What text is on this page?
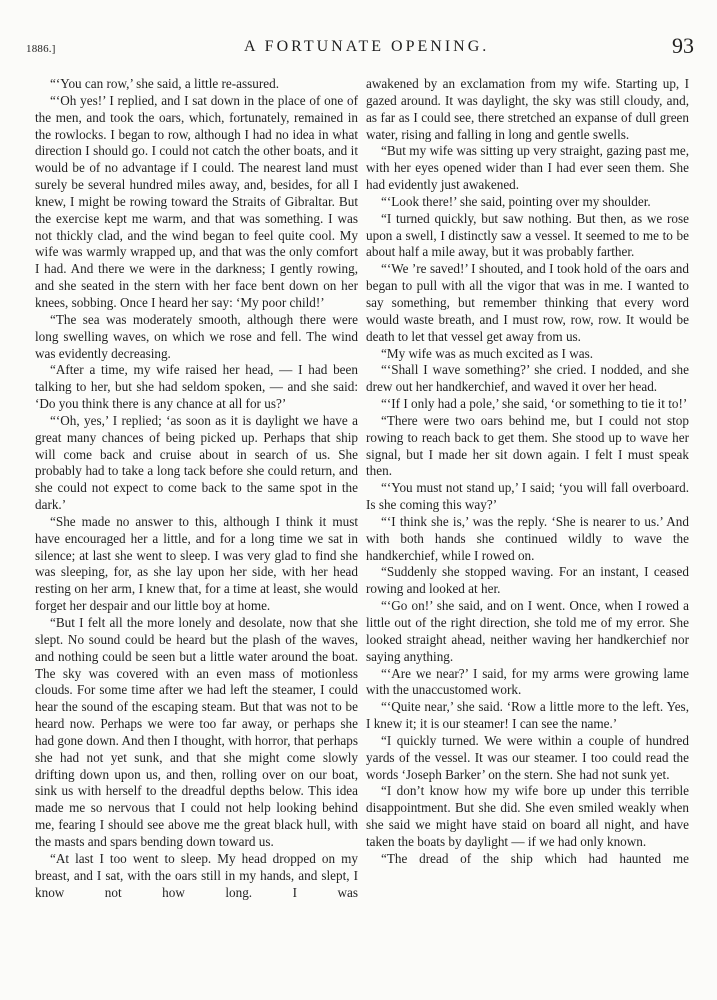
1886.]	A FORTUNATE OPENING.	93

“‘You can row,’ she said, a little re-assured.

“‘Oh yes!’ I replied, and I sat down in the place of one of the men, and took the oars, which, fortunately, remained in the rowlocks. I began to row, although I had no idea in what direction I should go. I could not catch the other boats, and it would be of no advantage if I could. The nearest land must surely be several hundred miles away, and, besides, for all I knew, I might be rowing toward the Straits of Gibraltar. But the exercise kept me warm, and that was something. I was not thickly clad, and the wind began to feel quite cool. My wife was warmly wrapped up, and that was the only comfort I had. And there we were in the darkness; I gently rowing, and she seated in the stern with her face bent down on her knees, sobbing. Once I heard her say: ‘My poor child!’

“The sea was moderately smooth, although there were long swelling waves, on which we rose and fell. The wind was evidently decreasing.

“After a time, my wife raised her head, — I had been talking to her, but she had seldom spoken, — and she said: ‘Do you think there is any chance at all for us?’

“‘Oh, yes,’ I replied; ‘as soon as it is daylight we have a great many chances of being picked up. Perhaps that ship will come back and cruise about in search of us. She probably had to take a long tack before she could return, and she could not expect to come back to the same spot in the dark.’

“She made no answer to this, although I think it must have encouraged her a little, and for a long time we sat in silence; at last she went to sleep. I was very glad to find she was sleeping, for, as she lay upon her side, with her head resting on her arm, I knew that, for a time at least, she would forget her despair and our little boy at home.

“But I felt all the more lonely and desolate, now that she slept. No sound could be heard but the plash of the waves, and nothing could be seen but a little water around the boat. The sky was covered with an even mass of motionless clouds. For some time after we had left the steamer, I could hear the sound of the escaping steam. But that was not to be heard now. Perhaps we were too far away, or perhaps she had gone down. And then I thought, with horror, that perhaps she had not yet sunk, and that she might come slowly drifting down upon us, and then, rolling over on our boat, sink us with herself to the dreadful depths below. This idea made me so nervous that I could not help looking behind me, fearing I should see above me the great black hull, with the masts and spars bending down toward us.

“At last I too went to sleep. My head dropped on my breast, and I sat, with the oars still in my hands, and slept, I know not how long. I was

awakened by an exclamation from my wife. Starting up, I gazed around. It was daylight, the sky was still cloudy, and, as far as I could see, there stretched an expanse of dull green water, rising and falling in long and gentle swells.

“But my wife was sitting up very straight, gazing past me, with her eyes opened wider than I had ever seen them. She had evidently just awakened.

“‘Look there!’ she said, pointing over my shoulder.

“I turned quickly, but saw nothing. But then, as we rose upon a swell, I distinctly saw a vessel. It seemed to me to be about half a mile away, but it was probably farther.

“‘We ’re saved!’ I shouted, and I took hold of the oars and began to pull with all the vigor that was in me. I wanted to say something, but remember thinking that every word would waste breath, and I must row, row, row. It would be death to let that vessel get away from us.

“My wife was as much excited as I was.

“‘Shall I wave something?’ she cried. I nodded, and she drew out her handkerchief, and waved it over her head.

“‘If I only had a pole,’ she said, ‘or something to tie it to!’

“There were two oars behind me, but I could not stop rowing to reach back to get them. She stood up to wave her signal, but I made her sit down again. I felt I must speak then.

“‘You must not stand up,’ I said; ‘you will fall overboard. Is she coming this way?’

“‘I think she is,’ was the reply. ‘She is nearer to us.’ And with both hands she continued wildly to wave the handkerchief, while I rowed on.

“Suddenly she stopped waving. For an instant, I ceased rowing and looked at her.

“‘Go on!’ she said, and on I went. Once, when I rowed a little out of the right direction, she told me of my error. She looked straight ahead, neither waving her handkerchief nor saying anything.

“‘Are we near?’ I said, for my arms were growing lame with the unaccustomed work.

“‘Quite near,’ she said. ‘Row a little more to the left. Yes, I knew it; it is our steamer! I can see the name.’

“I quickly turned. We were within a couple of hundred yards of the vessel. It was our steamer. I too could read the words ‘Joseph Barker’ on the stern. She had not sunk yet.

“I don’t know how my wife bore up under this terrible disappointment. But she did. She even smiled weakly when she said we might have staid on board all night, and have taken the boats by daylight — if we had only known.

“The dread of the ship which had haunted me
